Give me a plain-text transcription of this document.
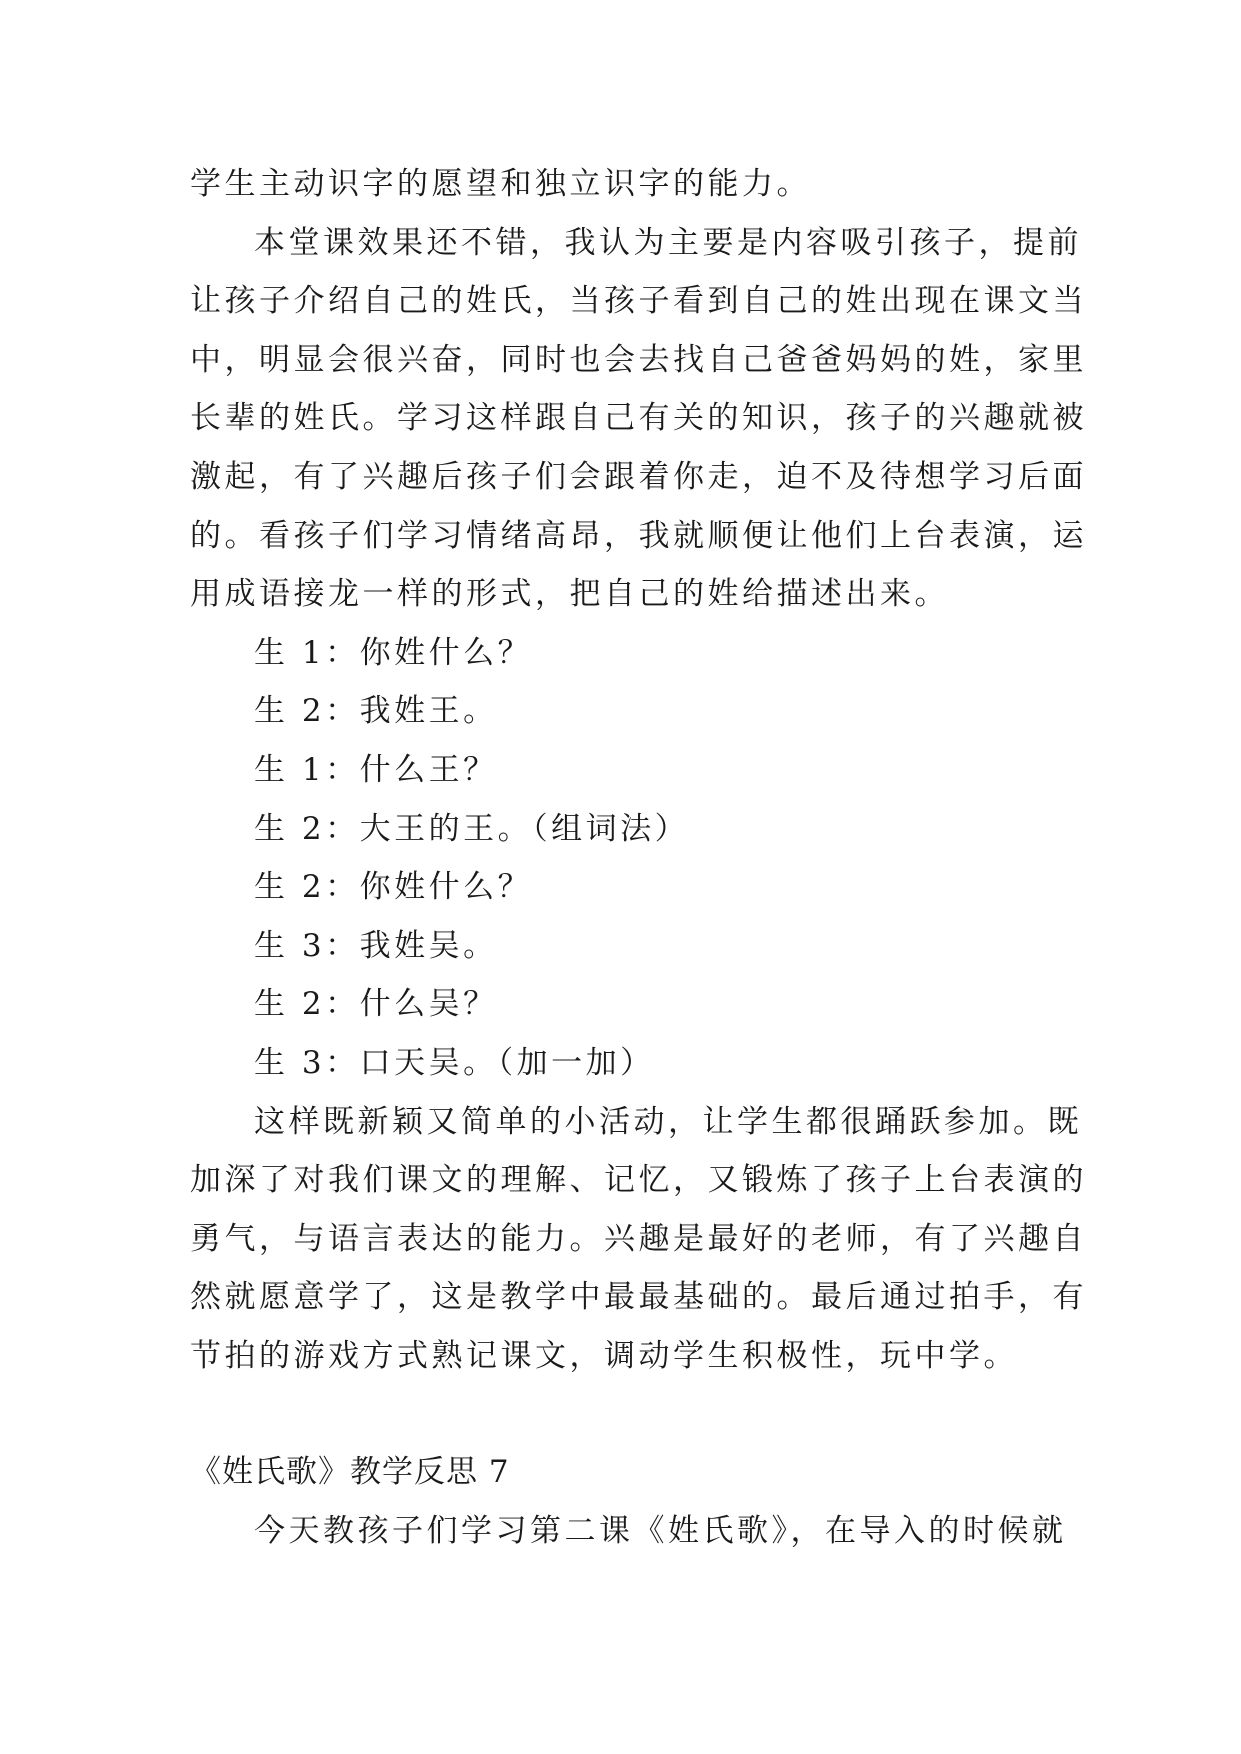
学生主动识字的愿望和独立识字的能力。
本堂课效果还不错，我认为主要是内容吸引孩子，提前
让孩子介绍自己的姓氏，当孩子看到自己的姓出现在课文当
中，明显会很兴奋，同时也会去找自己爸爸妈妈的姓，家里
长辈的姓氏。学习这样跟自己有关的知识，孩子的兴趣就被
激起，有了兴趣后孩子们会跟着你走，迫不及待想学习后面
的。看孩子们学习情绪高昂，我就顺便让他们上台表演，运
用成语接龙一样的形式，把自己的姓给描述出来。
生 1：你姓什么？
生 2：我姓王。
生 1：什么王？
生 2：大王的王。（组词法）
生 2：你姓什么？
生 3：我姓吴。
生 2：什么吴？
生 3：口天吴。（加一加）
这样既新颖又简单的小活动，让学生都很踊跃参加。既
加深了对我们课文的理解、记忆，又锻炼了孩子上台表演的
勇气，与语言表达的能力。兴趣是最好的老师，有了兴趣自
然就愿意学了，这是教学中最最基础的。最后通过拍手，有
节拍的游戏方式熟记课文，调动学生积极性，玩中学。
《姓氏歌》教学反思 7
今天教孩子们学习第二课《姓氏歌》，在导入的时候就
